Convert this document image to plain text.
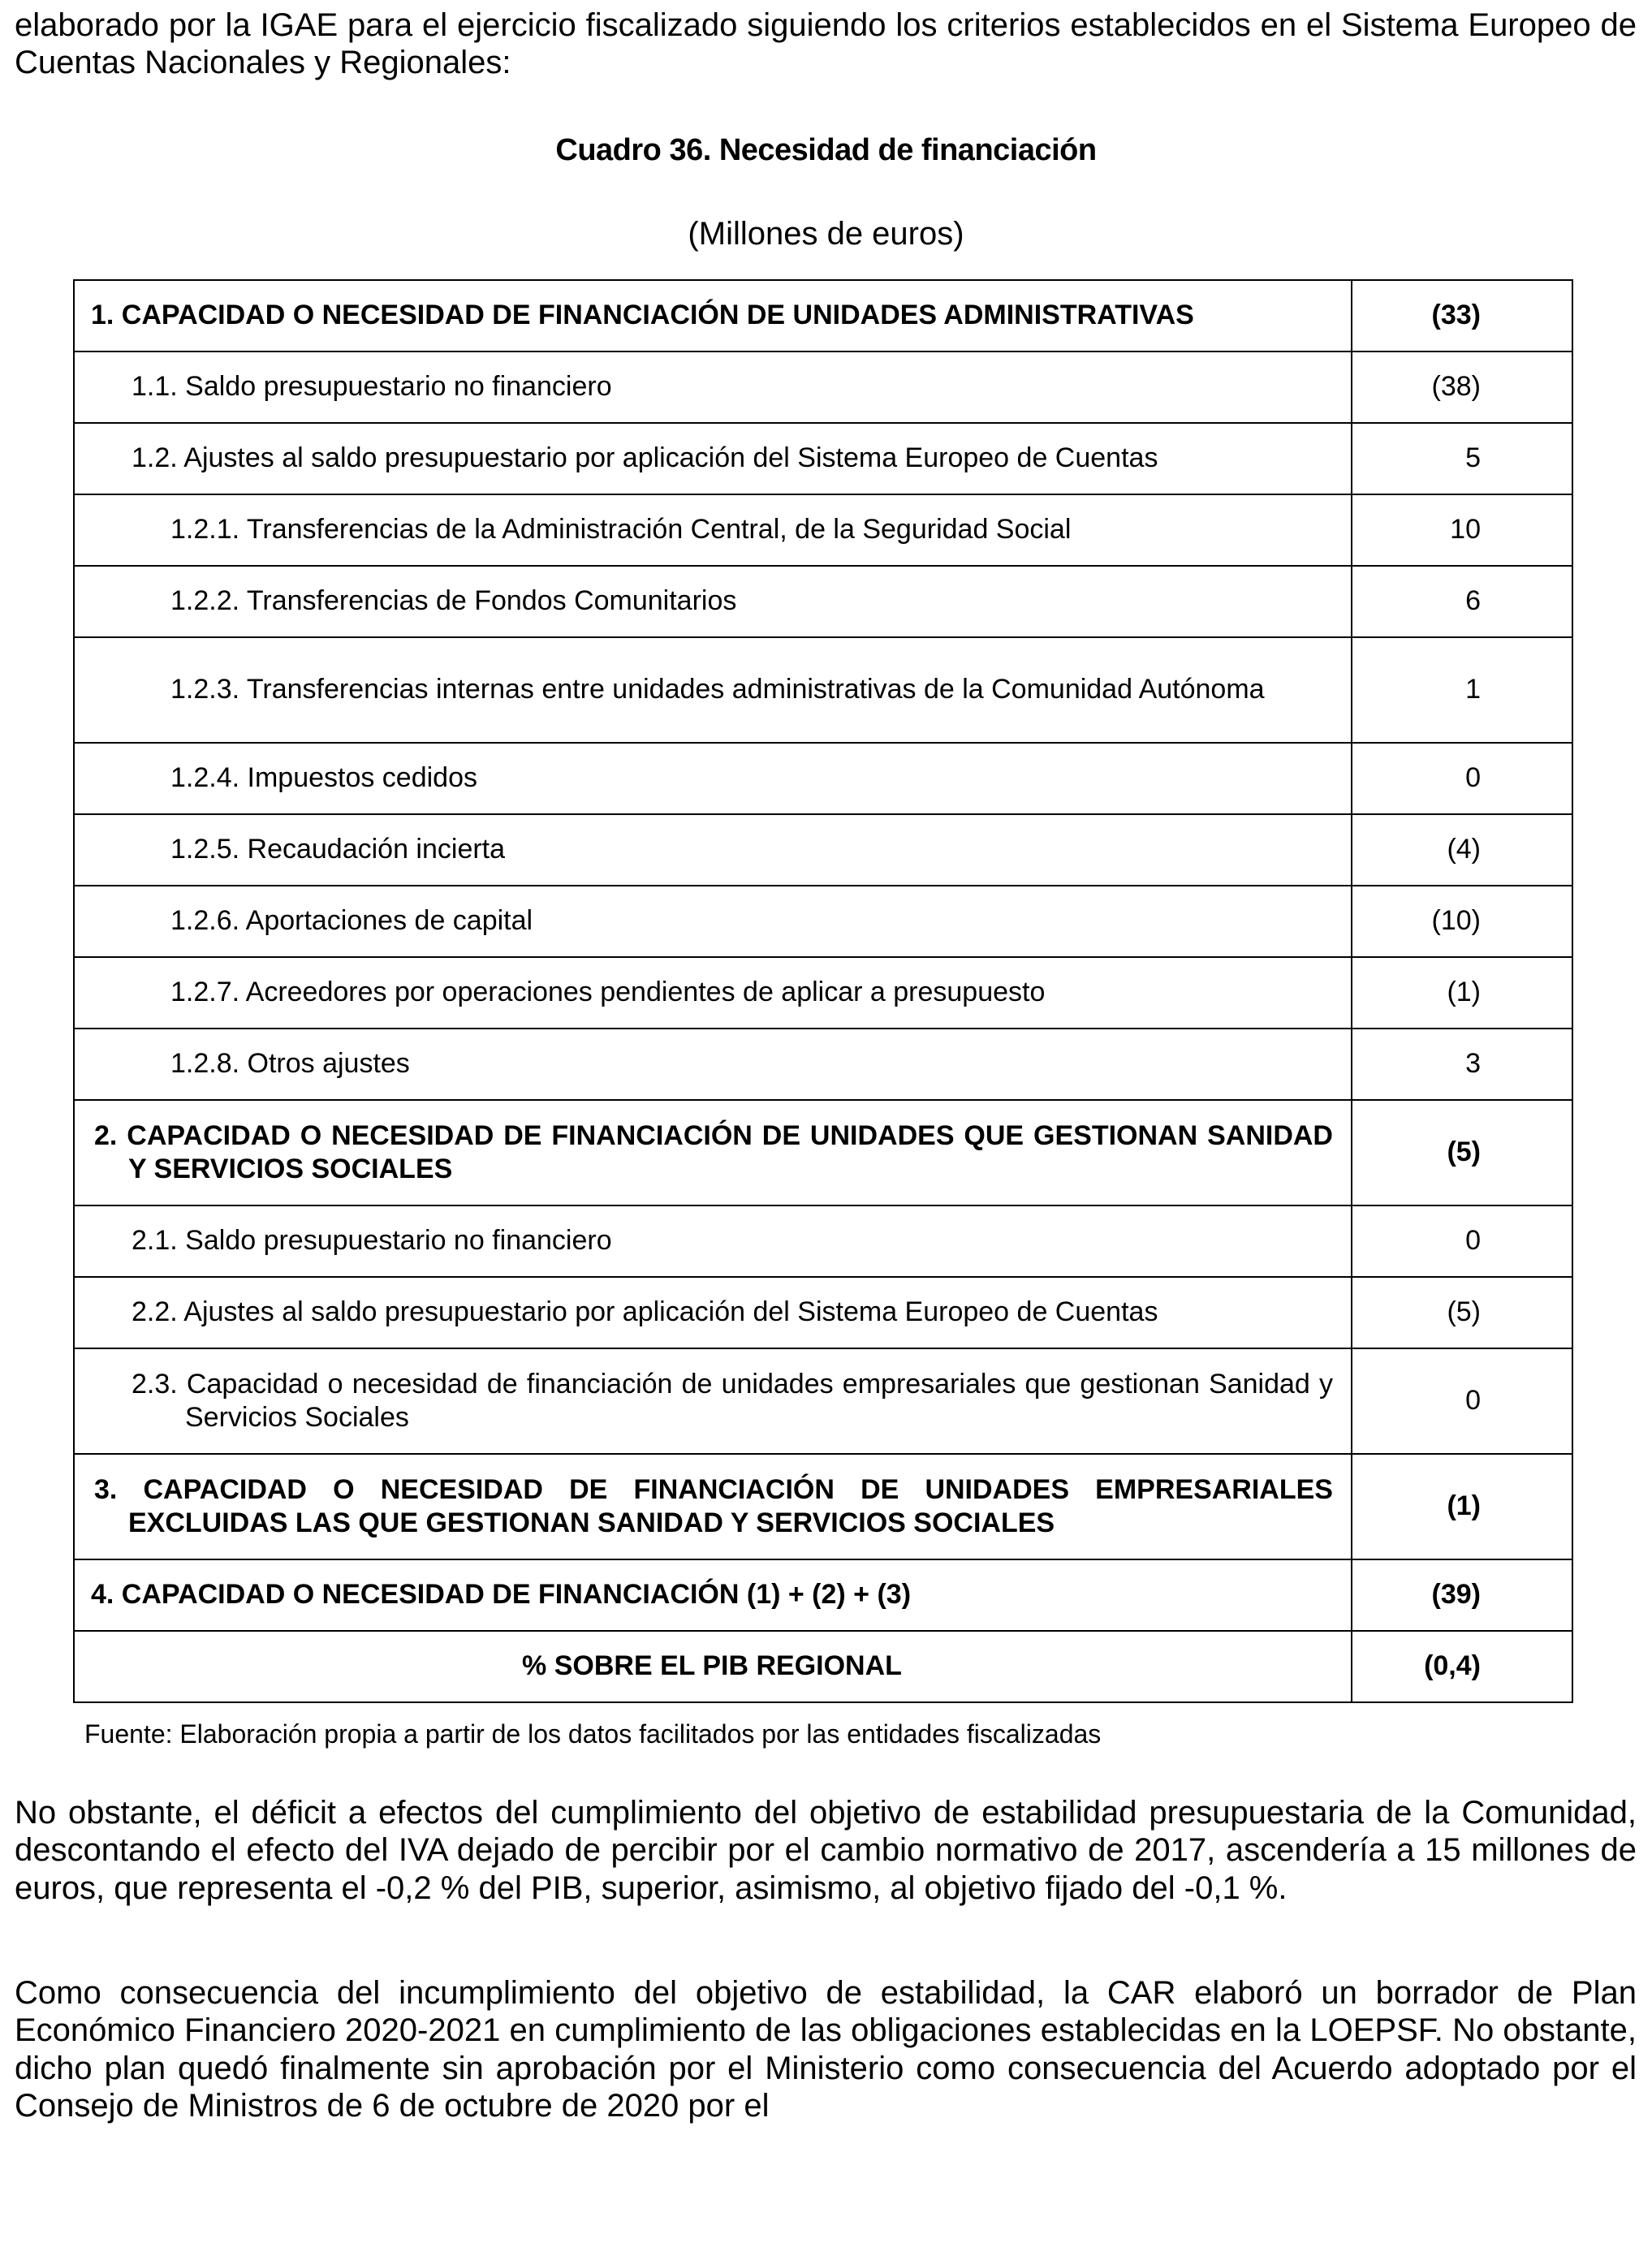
elaborado por la IGAE para el ejercicio fiscalizado siguiendo los criterios establecidos en el Sistema Europeo de Cuentas Nacionales y Regionales:

Cuadro 36. Necesidad de financiación

(Millones de euros)

1. CAPACIDAD O NECESIDAD DE FINANCIACIÓN DE UNIDADES ADMINISTRATIVAS	(33)
1.1. Saldo presupuestario no financiero	(38)
1.2. Ajustes al saldo presupuestario por aplicación del Sistema Europeo de Cuentas	5
1.2.1. Transferencias de la Administración Central, de la Seguridad Social	10
1.2.2. Transferencias de Fondos Comunitarios	6
1.2.3. Transferencias internas entre unidades administrativas de la Comunidad Autónoma	1
1.2.4. Impuestos cedidos	0
1.2.5. Recaudación incierta	(4)
1.2.6. Aportaciones de capital	(10)
1.2.7. Acreedores por operaciones pendientes de aplicar a presupuesto	(1)
1.2.8. Otros ajustes	3
2. CAPACIDAD O NECESIDAD DE FINANCIACIÓN DE UNIDADES QUE GESTIONAN SANIDAD Y SERVICIOS SOCIALES	(5)
2.1. Saldo presupuestario no financiero	0
2.2. Ajustes al saldo presupuestario por aplicación del Sistema Europeo de Cuentas	(5)
2.3. Capacidad o necesidad de financiación de unidades empresariales que gestionan Sanidad y Servicios Sociales	0
3. CAPACIDAD O NECESIDAD DE FINANCIACIÓN DE UNIDADES EMPRESARIALES EXCLUIDAS LAS QUE GESTIONAN SANIDAD Y SERVICIOS SOCIALES	(1)
4. CAPACIDAD O NECESIDAD DE FINANCIACIÓN (1) + (2) + (3)	(39)
% SOBRE EL PIB REGIONAL	(0,4)

Fuente: Elaboración propia a partir de los datos facilitados por las entidades fiscalizadas

No obstante, el déficit a efectos del cumplimiento del objetivo de estabilidad presupuestaria de la Comunidad, descontando el efecto del IVA dejado de percibir por el cambio normativo de 2017, ascendería a 15 millones de euros, que representa el -0,2 % del PIB, superior, asimismo, al objetivo fijado del -0,1 %.

Como consecuencia del incumplimiento del objetivo de estabilidad, la CAR elaboró un borrador de Plan Económico Financiero 2020-2021 en cumplimiento de las obligaciones establecidas en la LOEPSF. No obstante, dicho plan quedó finalmente sin aprobación por el Ministerio como consecuencia del Acuerdo adoptado por el Consejo de Ministros de 6 de octubre de 2020 por el
